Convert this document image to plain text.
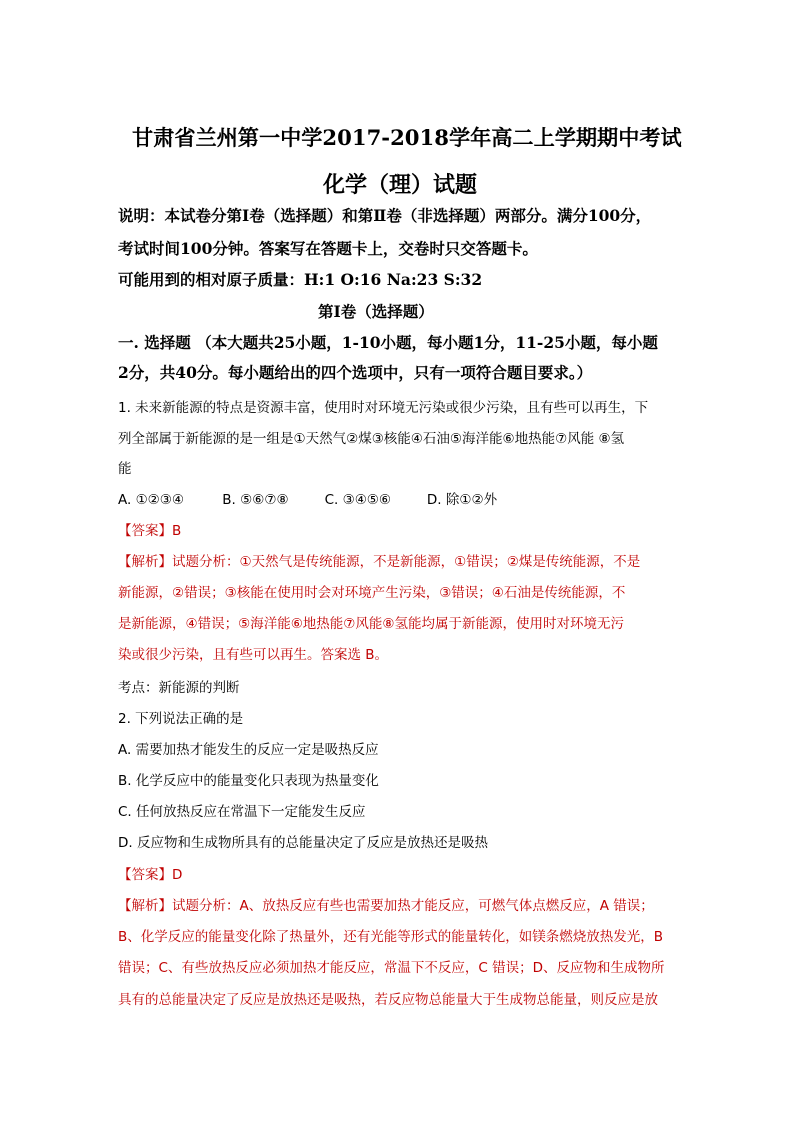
甘肃省兰州第一中学2017-2018学年高二上学期期中考试
化学（理）试题
说明：本试卷分第Ⅰ卷（选择题）和第Ⅱ卷（非选择题）两部分。满分100分，
考试时间100分钟。答案写在答题卡上，交卷时只交答题卡。
可能用到的相对原子质量：H:1 O:16 Na:23 S:32
第Ⅰ卷（选择题）
一. 选择题 （本大题共25小题，1-10小题，每小题1分，11-25小题，每小题
2分，共40分。每小题给出的四个选项中，只有一项符合题目要求。）
1. 未来新能源的特点是资源丰富，使用时对环境无污染或很少污染，且有些可以再生，下
列全部属于新能源的是一组是①天然气②煤③核能④石油⑤海洋能⑥地热能⑦风能 ⑧氢
能
A. ①②③④	B. ⑤⑥⑦⑧	C. ③④⑤⑥	D. 除①②外
【答案】B
【解析】试题分析：①天然气是传统能源，不是新能源，①错误；②煤是传统能源，不是
新能源，②错误；③核能在使用时会对环境产生污染，③错误；④石油是传统能源，不
是新能源，④错误；⑤海洋能⑥地热能⑦风能⑧氢能均属于新能源，使用时对环境无污
染或很少污染，且有些可以再生。答案选 B。
考点：新能源的判断
2. 下列说法正确的是
A. 需要加热才能发生的反应一定是吸热反应
B. 化学反应中的能量变化只表现为热量变化
C. 任何放热反应在常温下一定能发生反应
D. 反应物和生成物所具有的总能量决定了反应是放热还是吸热
【答案】D
【解析】试题分析：A、放热反应有些也需要加热才能反应，可燃气体点燃反应，A 错误；
B、化学反应的能量变化除了热量外，还有光能等形式的能量转化，如镁条燃烧放热发光，B
错误；C、有些放热反应必须加热才能反应，常温下不反应，C 错误；D、反应物和生成物所
具有的总能量决定了反应是放热还是吸热，若反应物总能量大于生成物总能量，则反应是放
